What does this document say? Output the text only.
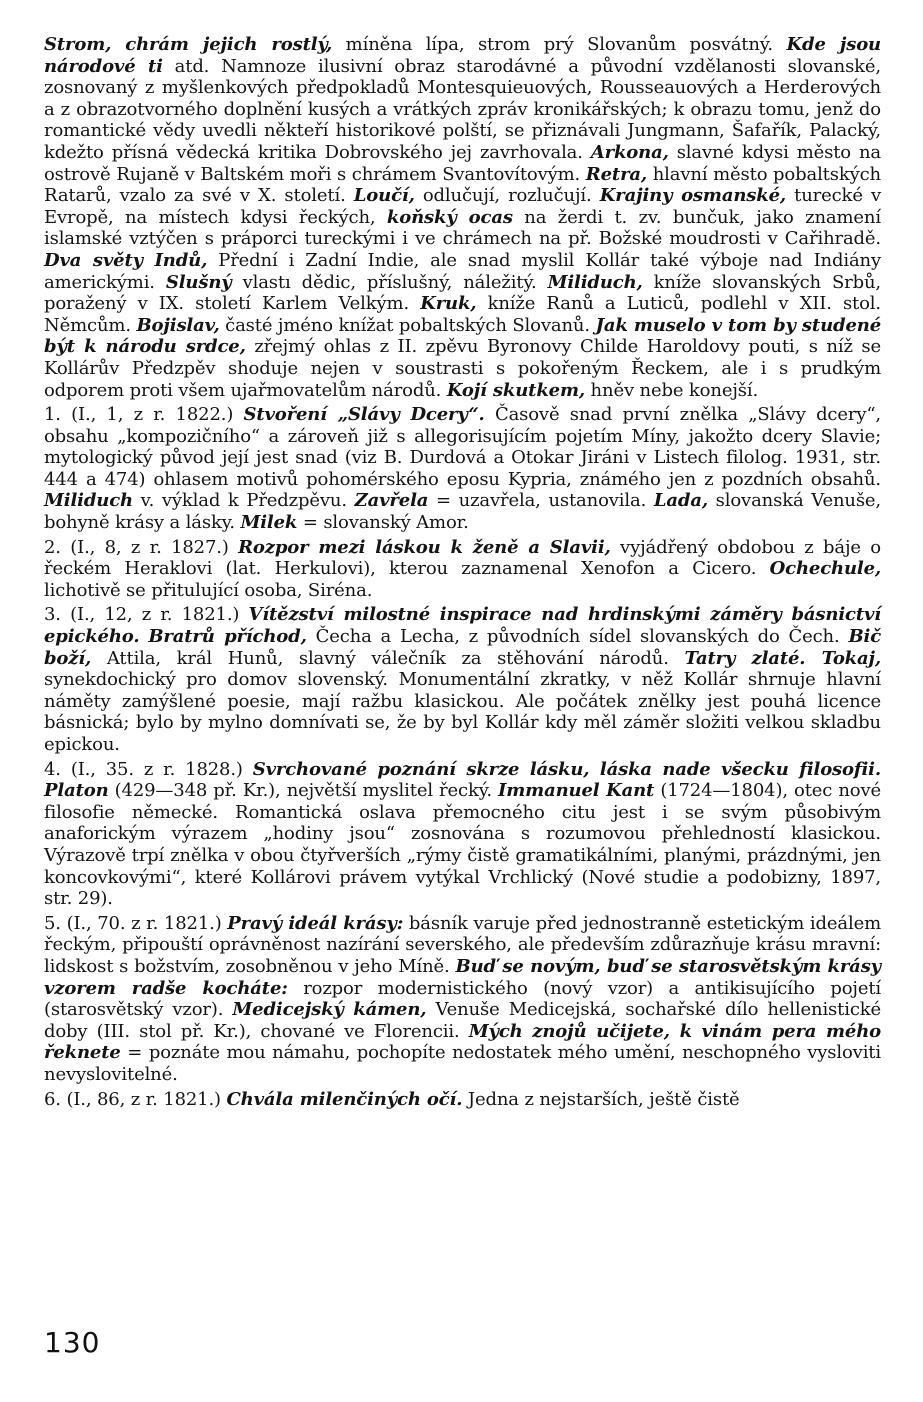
Strom, chrám jejich rostlý, míněna lípa, strom prý Slovanům posvátný. Kde jsou národové ti atd. Namnoze ilusivní obraz starodávné a původní vzdělanosti slovanské, zosnovaný z myšlenkových předpokladů Montesquieuových, Rousseauových a Herderových a z obrazotvorného doplnění kusých a vrátkých zpráv kronikářských; k obrazu tomu, jenž do romantické vědy uvedli někteří historikové polští, se přiznávali Jungmann, Šafařík, Palacký, kdežto přísná vědecká kritika Dobrovského jej zavrhovala. Arkona, slavné kdysi město na ostrově Rujaně v Baltském moři s chrámem Svantovítovým. Retra, hlavní město pobaltských Ratarů, vzalo za své v X. století. Loučí, odlučují, rozlučují. Krajiny osmanské, turecké v Evropě, na místech kdysi řeckých, koňský ocas na žerdi t. zv. bunčuk, jako znamení islamské vztýčen s práporci tureckými i ve chrámech na př. Božské moudrosti v Cařihradě. Dva světy Indů, Přední i Zadní Indie, ale snad myslil Kollár také výboje nad Indiány americkými. Slušný vlastı dědic, příslušný, náležitý. Miliduch, kníže slovanských Srbů, poražený v IX. století Karlem Velkým. Kruk, kníže Ranů a Luticů, podlehl v XII. stol. Němcům. Bojislav, časté jméno knížat pobaltských Slovanů. Jak muselo v tom by studené být k národu srdce, zřejmý ohlas z II. zpěvu Byronovy Childe Haroldovy pouti, s níž se Kollárův Předzpěv shoduje nejen v soustrasti s pokořeným Řeckem, ale i s prudkým odporem proti všem ujařmovatelům národů. Kojí skutkem, hněv nebe konejší.

1. (I., 1, z r. 1822.) Stvoření „Slávy Dcery“. Časově snad první znělka „Slávy dcery“, obsahu „kompozičního“ a zároveň již s allegorisujícím pojetím Míny, jakožto dcery Slavie; mytologický původ její jest snad (viz B. Durdová a Otokar Jiráni v Listech filolog. 1931, str. 444 a 474) ohlasem motivů pohomérského eposu Kypria, známého jen z pozdních obsahů. Miliduch v. výklad k Předzpěvu. Zavřela = uzavřela, ustanovila. Lada, slovanská Venuše, bohyně krásy a lásky. Milek = slovanský Amor.

2. (I., 8, z r. 1827.) Rozpor mezi láskou k ženě a Slavii, vyjádřený obdobou z báje o řeckém Heraklovi (lat. Herkulovi), kterou zaznamenal Xenofon a Cicero. Ochechule, lichotivě se přitulující osoba, Siréna.

3. (I., 12, z r. 1821.) Vítězství milostné inspirace nad hrdinskými záměry básnictví epického. Bratrů příchod, Čecha a Lecha, z původních sídel slovanských do Čech. Bič boží, Attila, král Hunů, slavný válečník za stěhování národů. Tatry zlaté. Tokaj, synekdochický pro domov slovenský. Monumentální zkratky, v něž Kollár shrnuje hlavní náměty zamýšlené poesie, mají ražbu klasickou. Ale počátek znělky jest pouhá licence básnická; bylo by mylno domnívati se, že by byl Kollár kdy měl záměr složiti velkou skladbu epickou.

4. (I., 35. z r. 1828.) Svrchované poznání skrze lásku, láska nade všecku filosofii. Platon (429—348 př. Kr.), největší myslitel řecký. Immanuel Kant (1724—1804), otec nové filosofie německé. Romantická oslava přemocného citu jest i se svým působivým anaforickým výrazem „hodiny jsou“ zosnována s rozumovou přehledností klasickou. Výrazově trpí znělka v obou čtyřverších „rýmy čistě gramatikálními, planými, prázdnými, jen koncovkovými“, které Kollárovi právem vytýkal Vrchlický (Nové studie a podobizny, 1897, str. 29).

5. (I., 70. z r. 1821.) Pravý ideál krásy: básník varuje před jednostranně estetickým ideálem řeckým, připouští oprávněnost nazírání severského, ale především zdůrazňuje krásu mravní: lidskost s božstvím, zosobněnou v jeho Míně. Buď se novým, buď se starosvětským krásy vzorem radše kocháte: rozpor modernistického (nový vzor) a antikisujícího pojetí (starosvětský vzor). Medicejský kámen, Venuše Medicejská, sochařské dílo hellenistické doby (III. stol př. Kr.), chované ve Florencii. Mých znojů učijete, k vinám pera mého řeknete = poznáte mou námahu, pochopíte nedostatek mého umění, neschopného vysloviti nevyslovitelné.

6. (I., 86, z r. 1821.) Chvála milenčiných očí. Jedna z nejstarších, ještě čistě

130
